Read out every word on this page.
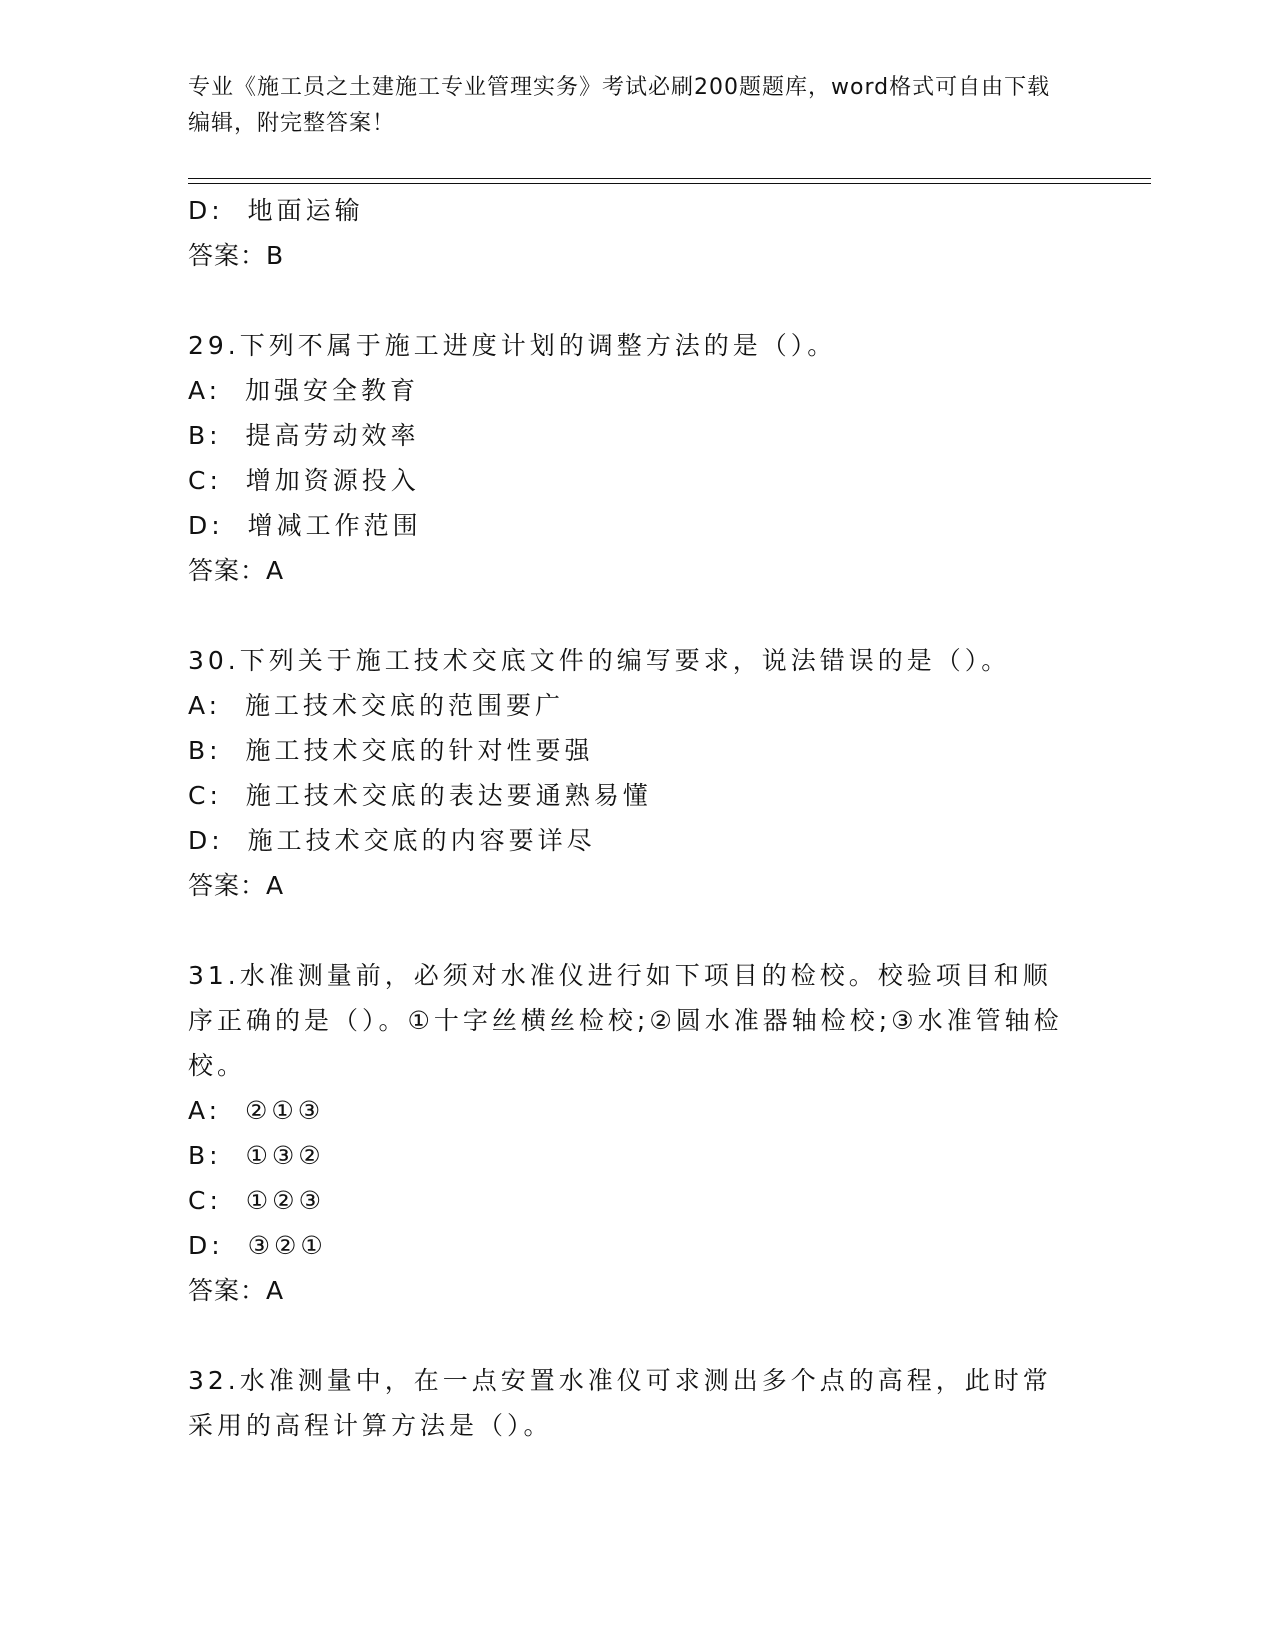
专业《施工员之土建施工专业管理实务》考试必刷200题题库，word格式可自由下载编辑，附完整答案！

D:  地面运输

答案：B

29.下列不属于施工进度计划的调整方法的是（）。

A:  加强安全教育

B:  提高劳动效率

C:  增加资源投入

D:  增减工作范围

答案：A

30.下列关于施工技术交底文件的编写要求，说法错误的是（）。

A:  施工技术交底的范围要广

B:  施工技术交底的针对性要强

C:  施工技术交底的表达要通熟易懂

D:  施工技术交底的内容要详尽

答案：A

31.水准测量前，必须对水准仪进行如下项目的检校。校验项目和顺序正确的是（）。①十字丝横丝检校;②圆水准器轴检校;③水准管轴检校。

A:  ②①③

B:  ①③②

C:  ①②③

D:  ③②①

答案：A

32.水准测量中，在一点安置水准仪可求测出多个点的高程，此时常采用的高程计算方法是（）。
